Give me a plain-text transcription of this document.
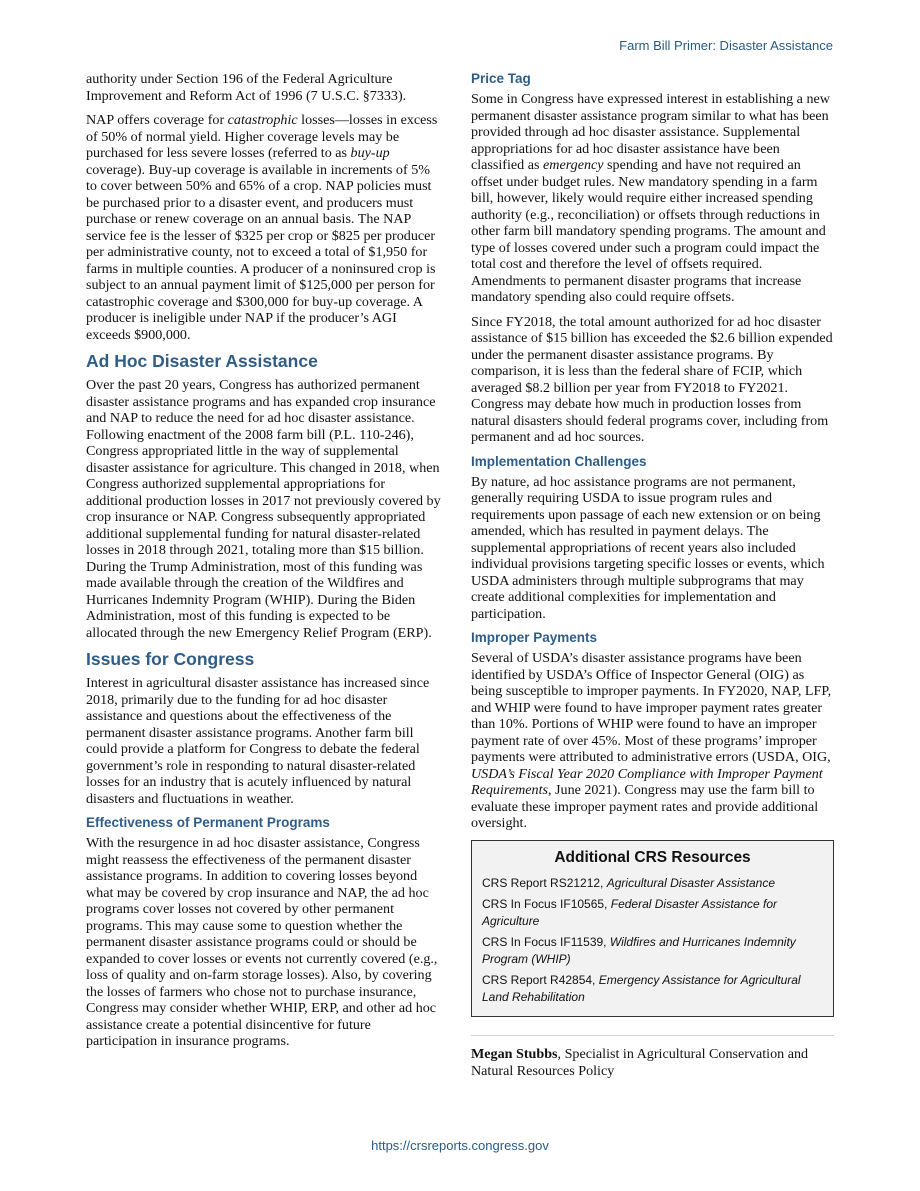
Farm Bill Primer: Disaster Assistance

authority under Section 196 of the Federal Agriculture Improvement and Reform Act of 1996 (7 U.S.C. §7333).

NAP offers coverage for catastrophic losses—losses in excess of 50% of normal yield. Higher coverage levels may be purchased for less severe losses (referred to as buy-up coverage). Buy-up coverage is available in increments of 5% to cover between 50% and 65% of a crop. NAP policies must be purchased prior to a disaster event, and producers must purchase or renew coverage on an annual basis. The NAP service fee is the lesser of $325 per crop or $825 per producer per administrative county, not to exceed a total of $1,950 for farms in multiple counties. A producer of a noninsured crop is subject to an annual payment limit of $125,000 per person for catastrophic coverage and $300,000 for buy-up coverage. A producer is ineligible under NAP if the producer’s AGI exceeds $900,000.

Ad Hoc Disaster Assistance

Over the past 20 years, Congress has authorized permanent disaster assistance programs and has expanded crop insurance and NAP to reduce the need for ad hoc disaster assistance. Following enactment of the 2008 farm bill (P.L. 110-246), Congress appropriated little in the way of supplemental disaster assistance for agriculture. This changed in 2018, when Congress authorized supplemental appropriations for additional production losses in 2017 not previously covered by crop insurance or NAP. Congress subsequently appropriated additional supplemental funding for natural disaster-related losses in 2018 through 2021, totaling more than $15 billion. During the Trump Administration, most of this funding was made available through the creation of the Wildfires and Hurricanes Indemnity Program (WHIP). During the Biden Administration, most of this funding is expected to be allocated through the new Emergency Relief Program (ERP).

Issues for Congress

Interest in agricultural disaster assistance has increased since 2018, primarily due to the funding for ad hoc disaster assistance and questions about the effectiveness of the permanent disaster assistance programs. Another farm bill could provide a platform for Congress to debate the federal government’s role in responding to natural disaster-related losses for an industry that is acutely influenced by natural disasters and fluctuations in weather.

Effectiveness of Permanent Programs

With the resurgence in ad hoc disaster assistance, Congress might reassess the effectiveness of the permanent disaster assistance programs. In addition to covering losses beyond what may be covered by crop insurance and NAP, the ad hoc programs cover losses not covered by other permanent programs. This may cause some to question whether the permanent disaster assistance programs could or should be expanded to cover losses or events not currently covered (e.g., loss of quality and on-farm storage losses). Also, by covering the losses of farmers who chose not to purchase insurance, Congress may consider whether WHIP, ERP, and other ad hoc assistance create a potential disincentive for future participation in insurance programs.

Price Tag

Some in Congress have expressed interest in establishing a new permanent disaster assistance program similar to what has been provided through ad hoc disaster assistance. Supplemental appropriations for ad hoc disaster assistance have been classified as emergency spending and have not required an offset under budget rules. New mandatory spending in a farm bill, however, likely would require either increased spending authority (e.g., reconciliation) or offsets through reductions in other farm bill mandatory spending programs. The amount and type of losses covered under such a program could impact the total cost and therefore the level of offsets required. Amendments to permanent disaster programs that increase mandatory spending also could require offsets.

Since FY2018, the total amount authorized for ad hoc disaster assistance of $15 billion has exceeded the $2.6 billion expended under the permanent disaster assistance programs. By comparison, it is less than the federal share of FCIP, which averaged $8.2 billion per year from FY2018 to FY2021. Congress may debate how much in production losses from natural disasters should federal programs cover, including from permanent and ad hoc sources.

Implementation Challenges

By nature, ad hoc assistance programs are not permanent, generally requiring USDA to issue program rules and requirements upon passage of each new extension or on being amended, which has resulted in payment delays. The supplemental appropriations of recent years also included individual provisions targeting specific losses or events, which USDA administers through multiple subprograms that may create additional complexities for implementation and participation.

Improper Payments

Several of USDA’s disaster assistance programs have been identified by USDA’s Office of Inspector General (OIG) as being susceptible to improper payments. In FY2020, NAP, LFP, and WHIP were found to have improper payment rates greater than 10%. Portions of WHIP were found to have an improper payment rate of over 45%. Most of these programs’ improper payments were attributed to administrative errors (USDA, OIG, USDA’s Fiscal Year 2020 Compliance with Improper Payment Requirements, June 2021). Congress may use the farm bill to evaluate these improper payment rates and provide additional oversight.

Additional CRS Resources
CRS Report RS21212, Agricultural Disaster Assistance
CRS In Focus IF10565, Federal Disaster Assistance for Agriculture
CRS In Focus IF11539, Wildfires and Hurricanes Indemnity Program (WHIP)
CRS Report R42854, Emergency Assistance for Agricultural Land Rehabilitation

Megan Stubbs, Specialist in Agricultural Conservation and Natural Resources Policy

https://crsreports.congress.gov
